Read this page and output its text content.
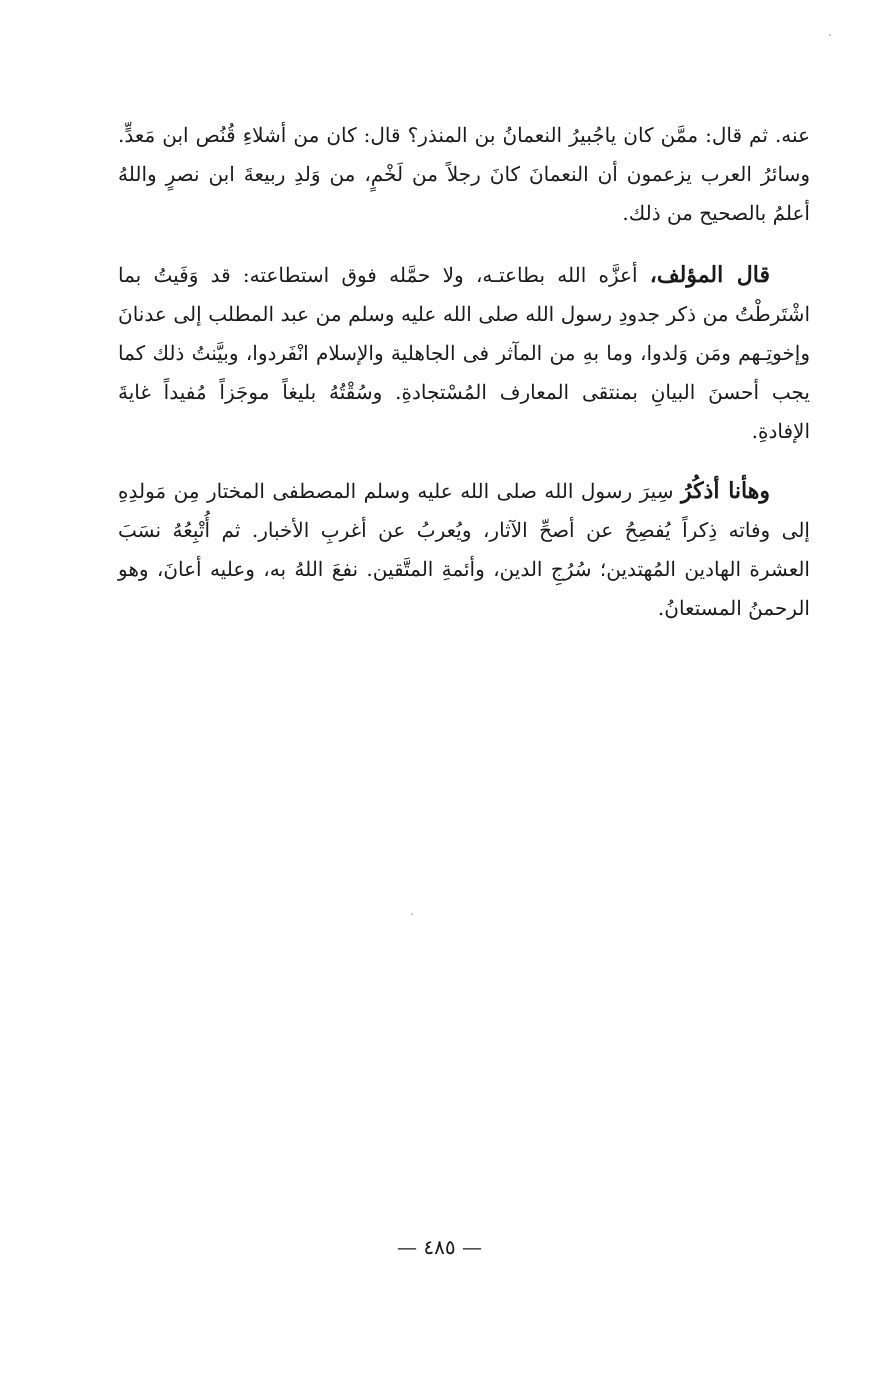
عنه. ثم قال: ممَّن كان ياجُبيرُ النعمانُ بن المنذر؟ قال: كان من أشلاءِ قُنُص ابن مَعدٍّ. وسائرُ العرب يزعمون أن النعمانَ كانَ رجلاً من لَخْمٍ، من وَلدِ ربيعةَ ابن نصرٍ واللهُ أعلمُ بالصحيح من ذلك.

قال المؤلف، أعزَّه الله بطاعتـه، ولا حمَّله فوق استطاعته: قد وَفَيتُ بما اشْتَرطْتُ من ذكر جدودِ رسول الله صلى الله عليه وسلم من عبد المطلب إلى عدنانَ وإخوتِـهم ومَن وَلدوا، وما بهِ من المآثر فى الجاهلية والإسلام انْفَردوا، وبيَّنتُ ذلك كما يجب أحسنَ البيانِ بمنتقى المعارف المُسْتجادةِ. وسُقْتُهُ بليغاً موجَزاً مُفيداً غايةَ الإفادةِ.

وهأنا أذكُرُ سِيرَ رسول الله صلى الله عليه وسلم المصطفى المختار مِن مَولدِهِ إلى وفاته ذِكراً يُفصِحُ عن أصحِّ الآثار، ويُعربُ عن أغربِ الأخبار. ثم أُتْبِعُهُ نسَبَ العشرة الهادين المُهتدين؛ سُرُجِ الدين، وأئمةِ المتَّقين. نفعَ اللهُ به، وعليه أعانَ، وهو الرحمنُ المستعانُ.

— ٤٨٥ —
